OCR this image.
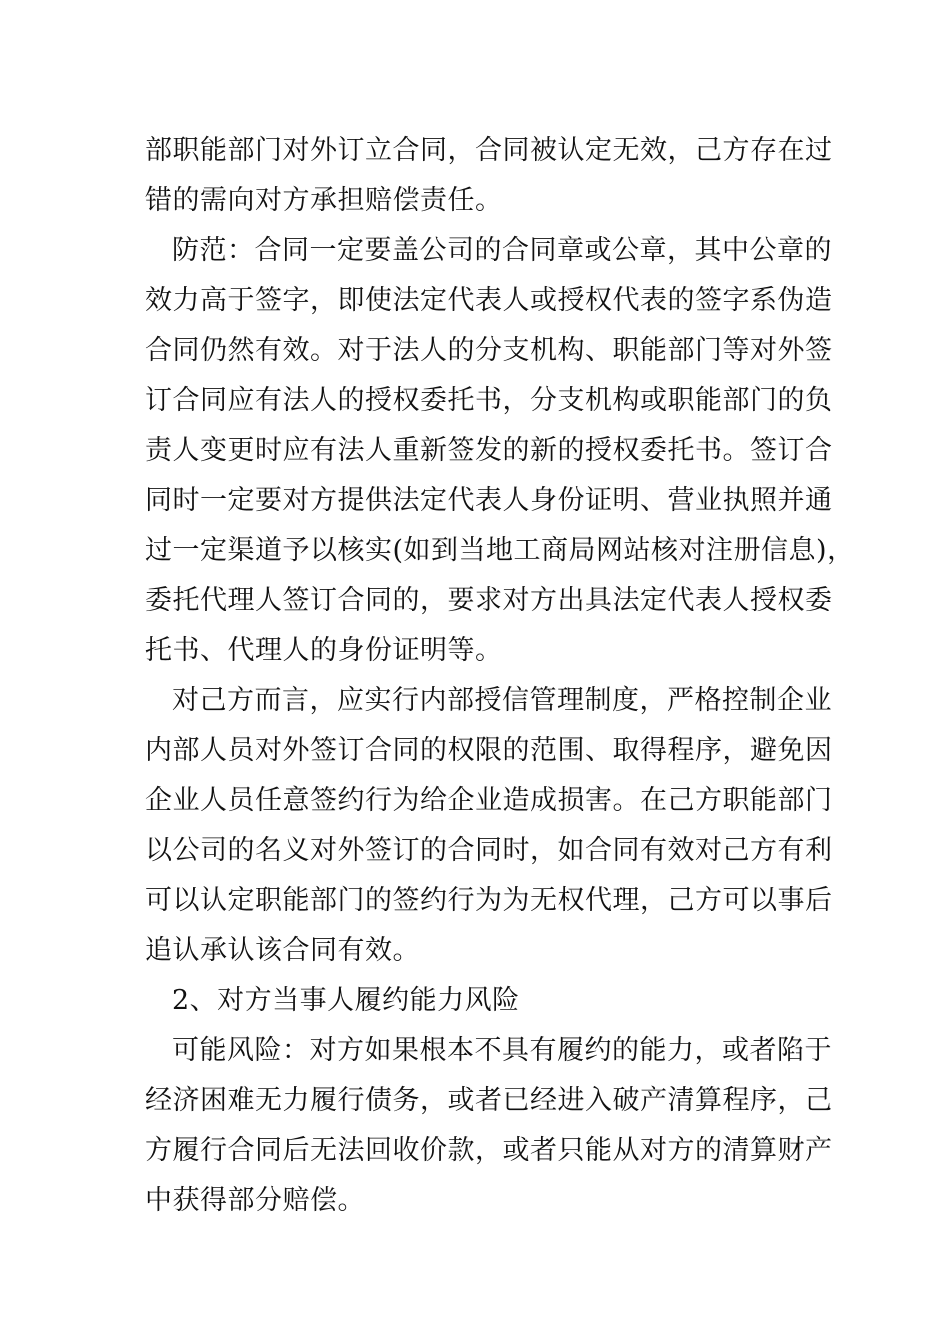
部职能部门对外订立合同，合同被认定无效，己方存在过
错的需向对方承担赔偿责任。
防范：合同一定要盖公司的合同章或公章，其中公章的
效力高于签字，即使法定代表人或授权代表的签字系伪造
合同仍然有效。对于法人的分支机构、职能部门等对外签
订合同应有法人的授权委托书，分支机构或职能部门的负
责人变更时应有法人重新签发的新的授权委托书。签订合
同时一定要对方提供法定代表人身份证明、营业执照并通
过一定渠道予以核实(如到当地工商局网站核对注册信息)，
委托代理人签订合同的，要求对方出具法定代表人授权委
托书、代理人的身份证明等。
对己方而言，应实行内部授信管理制度，严格控制企业
内部人员对外签订合同的权限的范围、取得程序，避免因
企业人员任意签约行为给企业造成损害。在己方职能部门
以公司的名义对外签订的合同时，如合同有效对己方有利
可以认定职能部门的签约行为为无权代理，己方可以事后
追认承认该合同有效。
2、对方当事人履约能力风险
可能风险：对方如果根本不具有履约的能力，或者陷于
经济困难无力履行债务，或者已经进入破产清算程序，己
方履行合同后无法回收价款，或者只能从对方的清算财产
中获得部分赔偿。
